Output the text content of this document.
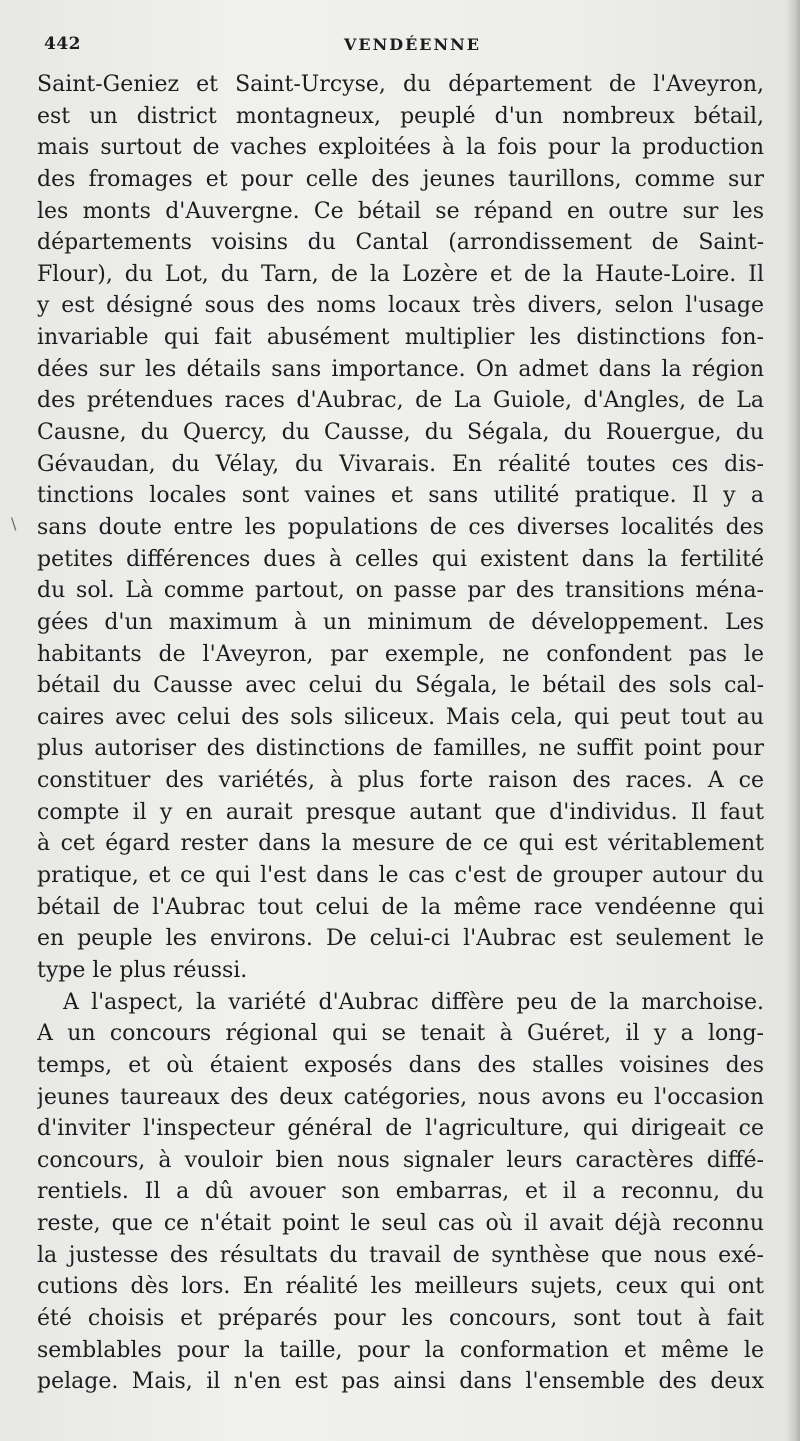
442	VENDÉENNE
\
Saint-Geniez et Saint-Urcyse, du département de l'Aveyron,
est un district montagneux, peuplé d'un nombreux bétail,
mais surtout de vaches exploitées à la fois pour la production
des fromages et pour celle des jeunes taurillons, comme sur
les monts d'Auvergne. Ce bétail se répand en outre sur les
départements voisins du Cantal (arrondissement de Saint-
Flour), du Lot, du Tarn, de la Lozère et de la Haute-Loire. Il
y est désigné sous des noms locaux très divers, selon l'usage
invariable qui fait abusément multiplier les distinctions fon-
dées sur les détails sans importance. On admet dans la région
des prétendues races d'Aubrac, de La Guiole, d'Angles, de La
Causne, du Quercy, du Causse, du Ségala, du Rouergue, du
Gévaudan, du Vélay, du Vivarais. En réalité toutes ces dis-
tinctions locales sont vaines et sans utilité pratique. Il y a
sans doute entre les populations de ces diverses localités des
petites différences dues à celles qui existent dans la fertilité
du sol. Là comme partout, on passe par des transitions ména-
gées d'un maximum à un minimum de développement. Les
habitants de l'Aveyron, par exemple, ne confondent pas le
bétail du Causse avec celui du Ségala, le bétail des sols cal-
caires avec celui des sols siliceux. Mais cela, qui peut tout au
plus autoriser des distinctions de familles, ne suffit point pour
constituer des variétés, à plus forte raison des races. A ce
compte il y en aurait presque autant que d'individus. Il faut
à cet égard rester dans la mesure de ce qui est véritablement
pratique, et ce qui l'est dans le cas c'est de grouper autour du
bétail de l'Aubrac tout celui de la même race vendéenne qui
en peuple les environs. De celui-ci l'Aubrac est seulement le
type le plus réussi.
A l'aspect, la variété d'Aubrac diffère peu de la marchoise.
A un concours régional qui se tenait à Guéret, il y a long-
temps, et où étaient exposés dans des stalles voisines des
jeunes taureaux des deux catégories, nous avons eu l'occasion
d'inviter l'inspecteur général de l'agriculture, qui dirigeait ce
concours, à vouloir bien nous signaler leurs caractères diffé-
rentiels. Il a dû avouer son embarras, et il a reconnu, du
reste, que ce n'était point le seul cas où il avait déjà reconnu
la justesse des résultats du travail de synthèse que nous exé-
cutions dès lors. En réalité les meilleurs sujets, ceux qui ont
été choisis et préparés pour les concours, sont tout à fait
semblables pour la taille, pour la conformation et même le
pelage. Mais, il n'en est pas ainsi dans l'ensemble des deux
